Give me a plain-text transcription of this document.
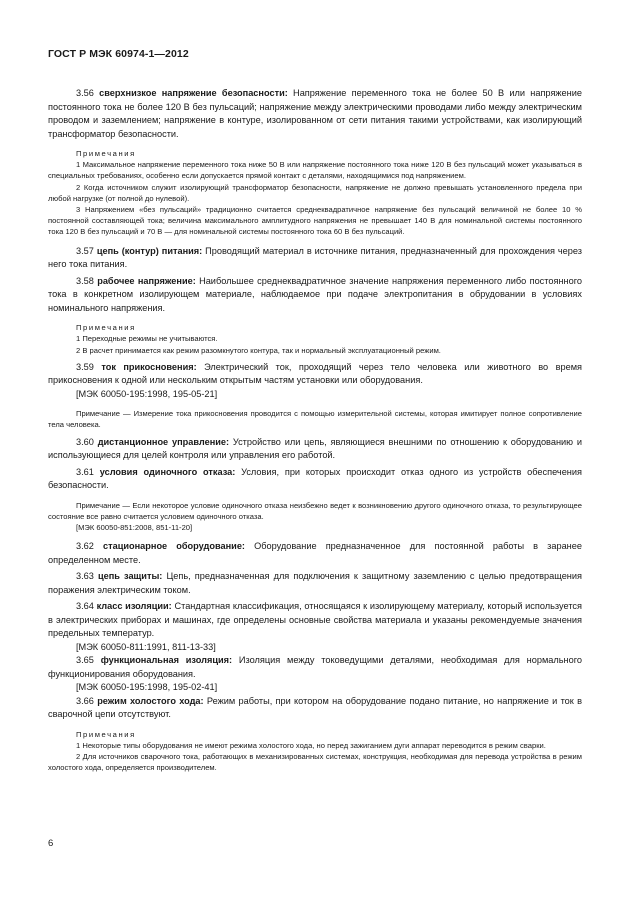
ГОСТ Р МЭК 60974-1—2012

3.56 сверхнизкое напряжение безопасности: Напряжение переменного тока не более 50 В или напряжение постоянного тока не более 120 В без пульсаций; напряжение между электрическими проводами либо между электрическим проводом и заземлением; напряжение в контуре, изолированном от сети питания такими устройствами, как изолирующий трансформатор безопасности.

Примечания

1 Максимальное напряжение переменного тока ниже 50 В или напряжение постоянного тока ниже 120 В без пульсаций может указываться в специальных требованиях, особенно если допускается прямой контакт с деталями, находящимися под напряжением.

2 Когда источником служит изолирующий трансформатор безопасности, напряжение не должно превышать установленного предела при любой нагрузке (от полной до нулевой).

3 Напряжением «без пульсаций» традиционно считается среднеквадратичное напряжение без пульсаций величиной не более 10 % постоянной составляющей тока; величина максимального амплитудного напряжения не превышает 140 В для номинальной системы постоянного тока 120 В без пульсаций и 70 В — для номинальной системы постоянного тока 60 В без пульсаций.

3.57 цепь (контур) питания: Проводящий материал в источнике питания, предназначенный для прохождения через него тока питания.

3.58 рабочее напряжение: Наибольшее среднеквадратичное значение напряжения переменного либо постоянного тока в конкретном изолирующем материале, наблюдаемое при подаче электропитания в обрудовании в условиях номинального напряжения.

Примечания

1 Переходные режимы не учитываются.

2 В расчет принимается как режим разомкнутого контура, так и нормальный эксплуатационный режим.

3.59 ток прикосновения: Электрический ток, проходящий через тело человека или животного во время прикосновения к одной или нескольким открытым частям установки или оборудования.

[МЭК 60050-195:1998, 195-05-21]

Примечание — Измерение тока прикосновения проводится с помощью измерительной системы, которая имитирует полное сопротивление тела человека.

3.60 дистанционное управление: Устройство или цепь, являющиеся внешними по отношению к оборудованию и использующиеся для целей контроля или управления его работой.

3.61 условия одиночного отказа: Условия, при которых происходит отказ одного из устройств обеспечения безопасности.

Примечание — Если некоторое условие одиночного отказа неизбежно ведет к возникновению другого одиночного отказа, то результирующее состояние все равно считается условием одиночного отказа.

[МЭК 60050-851:2008, 851-11-20]

3.62 стационарное оборудование: Оборудование предназначенное для постоянной работы в заранее определенном месте.

3.63 цепь защиты: Цепь, предназначенная для подключения к защитному заземлению с целью предотвращения поражения электрическим током.

3.64 класс изоляции: Стандартная классификация, относящаяся к изолирующему материалу, который используется в электрических приборах и машинах, где определены основные свойства материала и указаны рекомендуемые значения предельных температур.

[МЭК 60050-811:1991, 811-13-33]

3.65 функциональная изоляция: Изоляция между токоведущими деталями, необходимая для нормального функционирования оборудования.

[МЭК 60050-195:1998, 195-02-41]

3.66 режим холостого хода: Режим работы, при котором на оборудование подано питание, но напряжение и ток в сварочной цепи отсутствуют.

Примечания

1 Некоторые типы оборудования не имеют режима холостого хода, но перед зажиганием дуги аппарат переводится в режим сварки.

2 Для источников сварочного тока, работающих в механизированных системах, конструкция, необходимая для перевода устройства в режим холостого хода, определяется производителем.

6
